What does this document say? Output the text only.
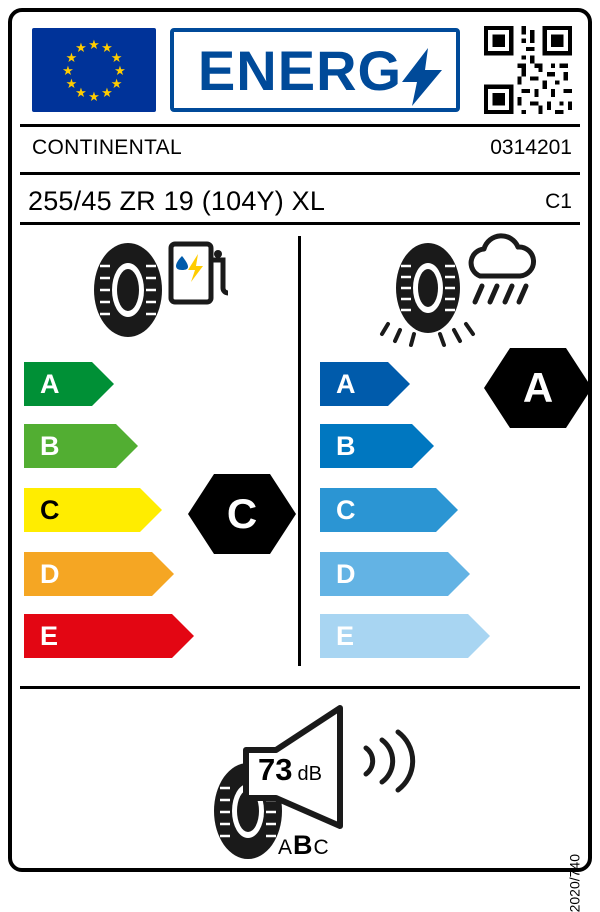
★ ★
★
★
★
★
★
★
★
★
★
★ ENERG
CONTINENTAL	0314201
255/45 ZR 19 (104Y) XL	C1
A
B
C
D
E
C
A
B
C
D
E
A
73 dB
ABC
2020/740
